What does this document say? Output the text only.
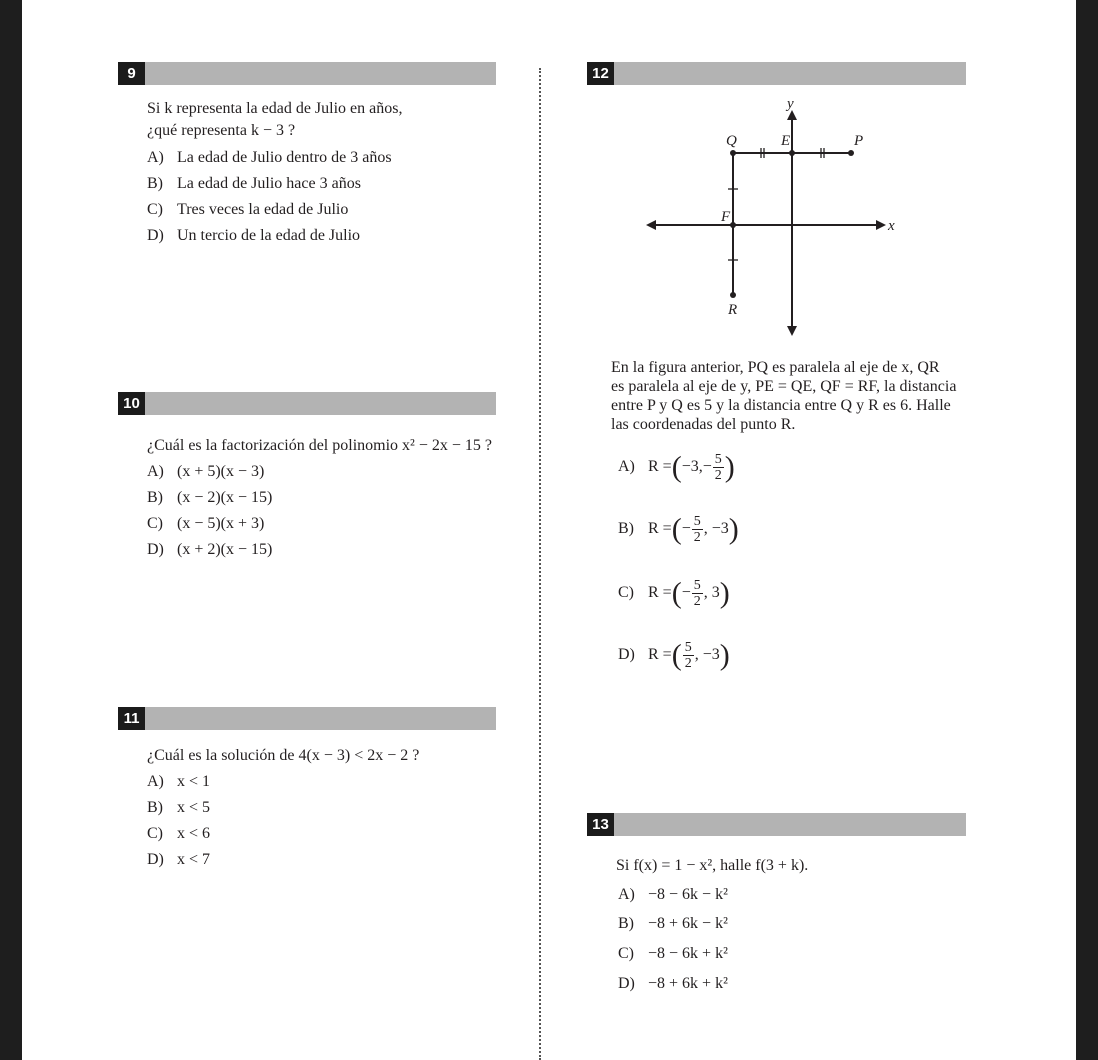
9
Si k representa la edad de Julio en años,
¿qué representa k − 3 ?
A) La edad de Julio dentro de 3 años
B) La edad de Julio hace 3 años
C) Tres veces la edad de Julio
D) Un tercio de la edad de Julio
10
¿Cuál es la factorización del polinomio x² − 2x − 15 ?
A) (x + 5)(x − 3)
B) (x − 2)(x − 15)
C) (x − 5)(x + 3)
D) (x + 2)(x − 15)
11
¿Cuál es la solución de 4(x − 3) < 2x − 2 ?
A) x < 1
B) x < 5
C) x < 6
D) x < 7
12
y
x
Q	E	P
F
R
En la figura anterior, PQ es paralela al eje de x, QR
es paralela al eje de y, PE = QE, QF = RF, la distancia
entre P y Q es 5 y la distancia entre Q y R es 6. Halle
las coordenadas del punto R.
A) $R =(-3,- \frac{5}{2}$ )
B) R =(− $\frac{5}{2}$ , −3)
C) R =(− $\frac{5}{2}$ , 3)
D) R =( $\frac{5}{2}$ , −3)
13
Si f(x) = 1 − x², halle f(3 + k).
A) −8 − 6k − k²
B) −8 + 6k − k²
C) −8 − 6k + k²
D) −8 + 6k + k²
